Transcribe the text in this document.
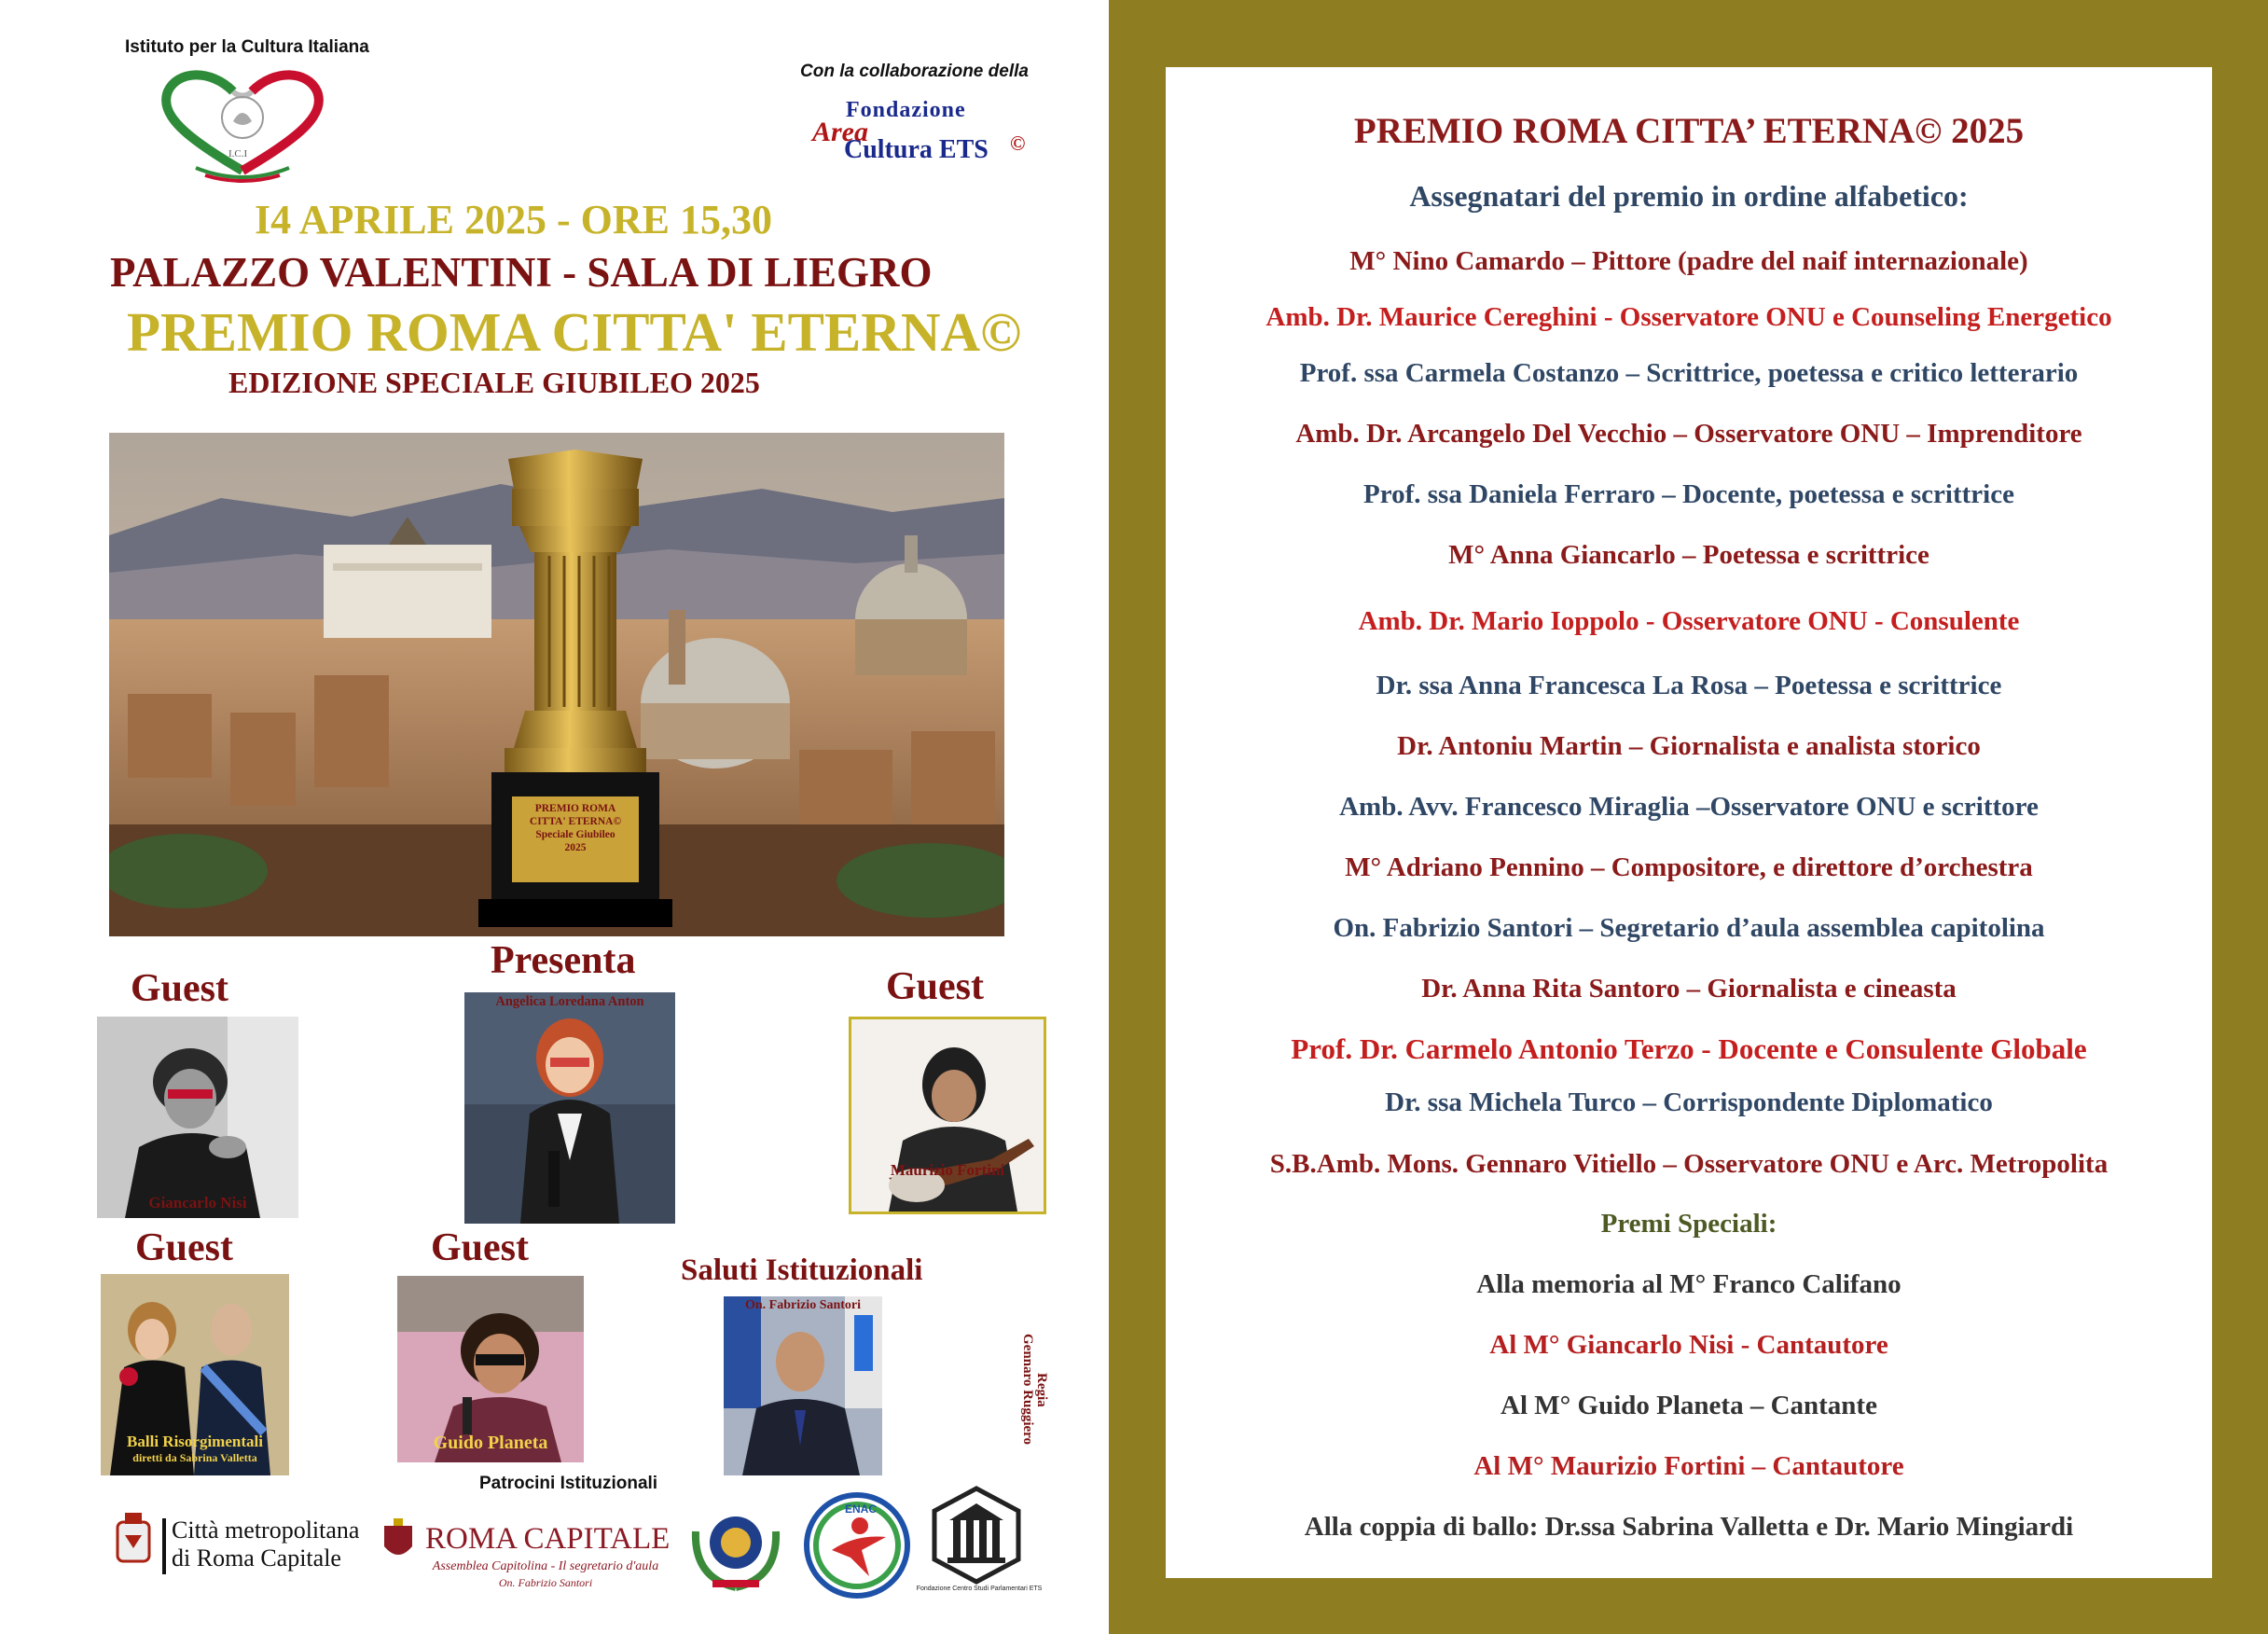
Istituto per la Cultura Italiana
I.C.I
Con la collaborazione della
Fondazione
Area
Cultura ETS ©
I4 APRILE 2025 - ORE 15,30
PALAZZO VALENTINI - SALA DI LIEGRO
PREMIO ROMA CITTA' ETERNA©
EDIZIONE SPECIALE GIUBILEO 2025
PREMIO ROMA
CITTA' ETERNA©
Speciale Giubileo
2025
Presenta
Angelica Loredana Anton
Guest
Giancarlo Nisi
Guest
Maurizio Fortini
Guest
Balli Risorgimentali
diretti da Sabrina Valletta
Guest
Guido Planeta
Saluti Istituzionali
On. Fabrizio Santori
Regia
Gennaro Ruggiero
Patrocini Istituzionali
Città metropolitana
di Roma Capitale
ROMA CAPITALE
Assemblea Capitolina - Il segretario d'aula
On. Fabrizio Santori
ENAC
Fondazione Centro Studi Parlamentari ETS

PREMIO ROMA CITTA’ ETERNA© 2025

Assegnatari del premio in ordine alfabetico:

M° Nino Camardo – Pittore (padre del naif internazionale)

Amb. Dr. Maurice Cereghini - Osservatore ONU e Counseling Energetico

Prof. ssa Carmela Costanzo – Scrittrice, poetessa e critico letterario

Amb. Dr. Arcangelo Del Vecchio – Osservatore ONU – Imprenditore

Prof. ssa Daniela Ferraro – Docente, poetessa e scrittrice

M° Anna Giancarlo – Poetessa e scrittrice

Amb. Dr. Mario Ioppolo - Osservatore ONU - Consulente

Dr. ssa Anna Francesca La Rosa – Poetessa e scrittrice

Dr. Antoniu Martin – Giornalista e analista storico

Amb. Avv. Francesco Miraglia –Osservatore ONU e scrittore

M° Adriano Pennino – Compositore, e direttore d’orchestra

On. Fabrizio Santori – Segretario d’aula assemblea capitolina

Dr. Anna Rita Santoro – Giornalista e cineasta

Prof. Dr. Carmelo Antonio Terzo - Docente e Consulente Globale

Dr. ssa Michela Turco – Corrispondente Diplomatico

S.B.Amb. Mons. Gennaro Vitiello – Osservatore ONU e Arc. Metropolita

Premi Speciali:

Alla memoria al M° Franco Califano

Al M° Giancarlo Nisi - Cantautore

Al M° Guido Planeta – Cantante

Al M° Maurizio Fortini – Cantautore

Alla coppia di ballo: Dr.ssa Sabrina Valletta e Dr. Mario Mingiardi
